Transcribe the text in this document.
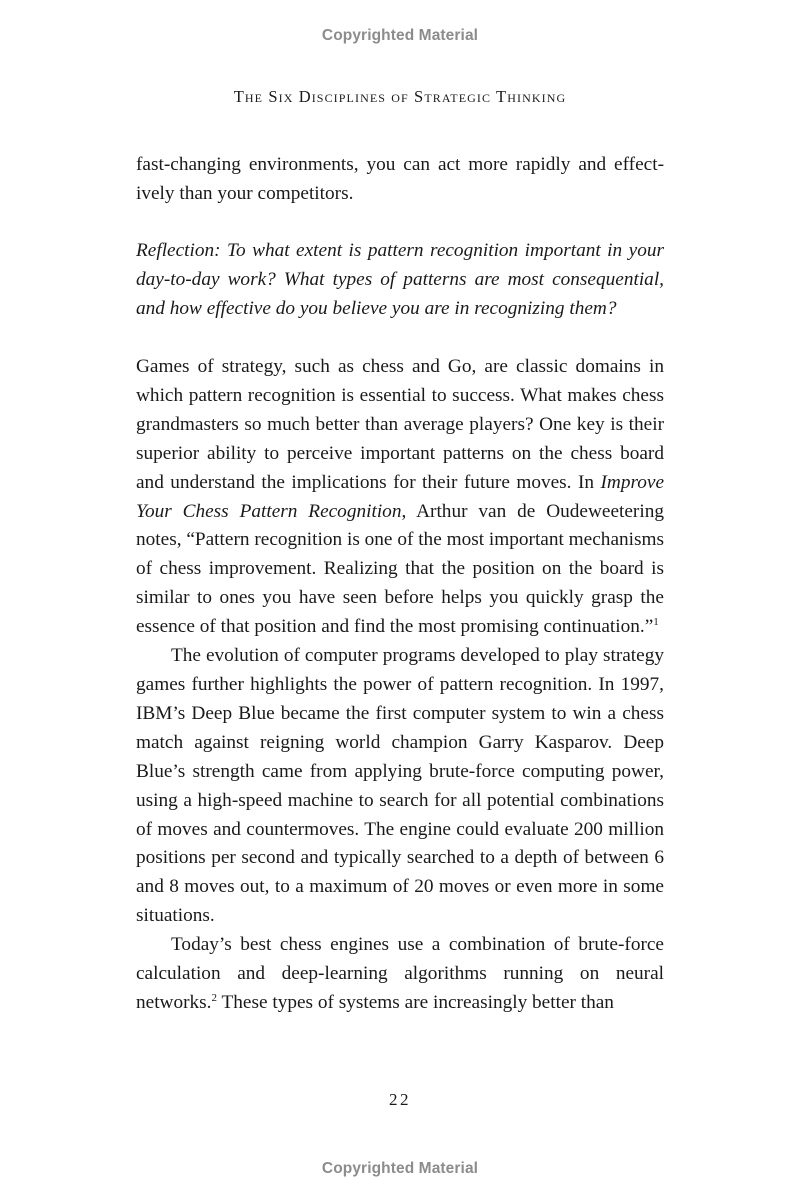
Copyrighted Material
The Six Disciplines of Strategic Thinking

fast-changing environments, you can act more rapidly and effectively than your competitors.

Reflection: To what extent is pattern recognition important in your day-to-day work? What types of patterns are most consequential, and how effective do you believe you are in recognizing them?

Games of strategy, such as chess and Go, are classic domains in which pattern recognition is essential to success. What makes chess grandmasters so much better than average players? One key is their superior ability to perceive important patterns on the chess board and understand the implications for their future moves. In Improve Your Chess Pattern Recognition, Arthur van de Oudeweetering notes, “Pattern recognition is one of the most important mechanisms of chess improvement. Realizing that the position on the board is similar to ones you have seen before helps you quickly grasp the essence of that position and find the most promising continuation.”$^1$

The evolution of computer programs developed to play strategy games further highlights the power of pattern recognition. In 1997, IBM’s Deep Blue became the first computer system to win a chess match against reigning world champion Garry Kasparov. Deep Blue’s strength came from applying brute-force computing power, using a high-speed machine to search for all potential combinations of moves and countermoves. The engine could evaluate 200 million positions per second and typically searched to a depth of between 6 and 8 moves out, to a maximum of 20 moves or even more in some situations.

Today’s best chess engines use a combination of brute-force calculation and deep-learning algorithms running on neural networks.$^2$ These types of systems are increasingly better than

22
Copyrighted Material
